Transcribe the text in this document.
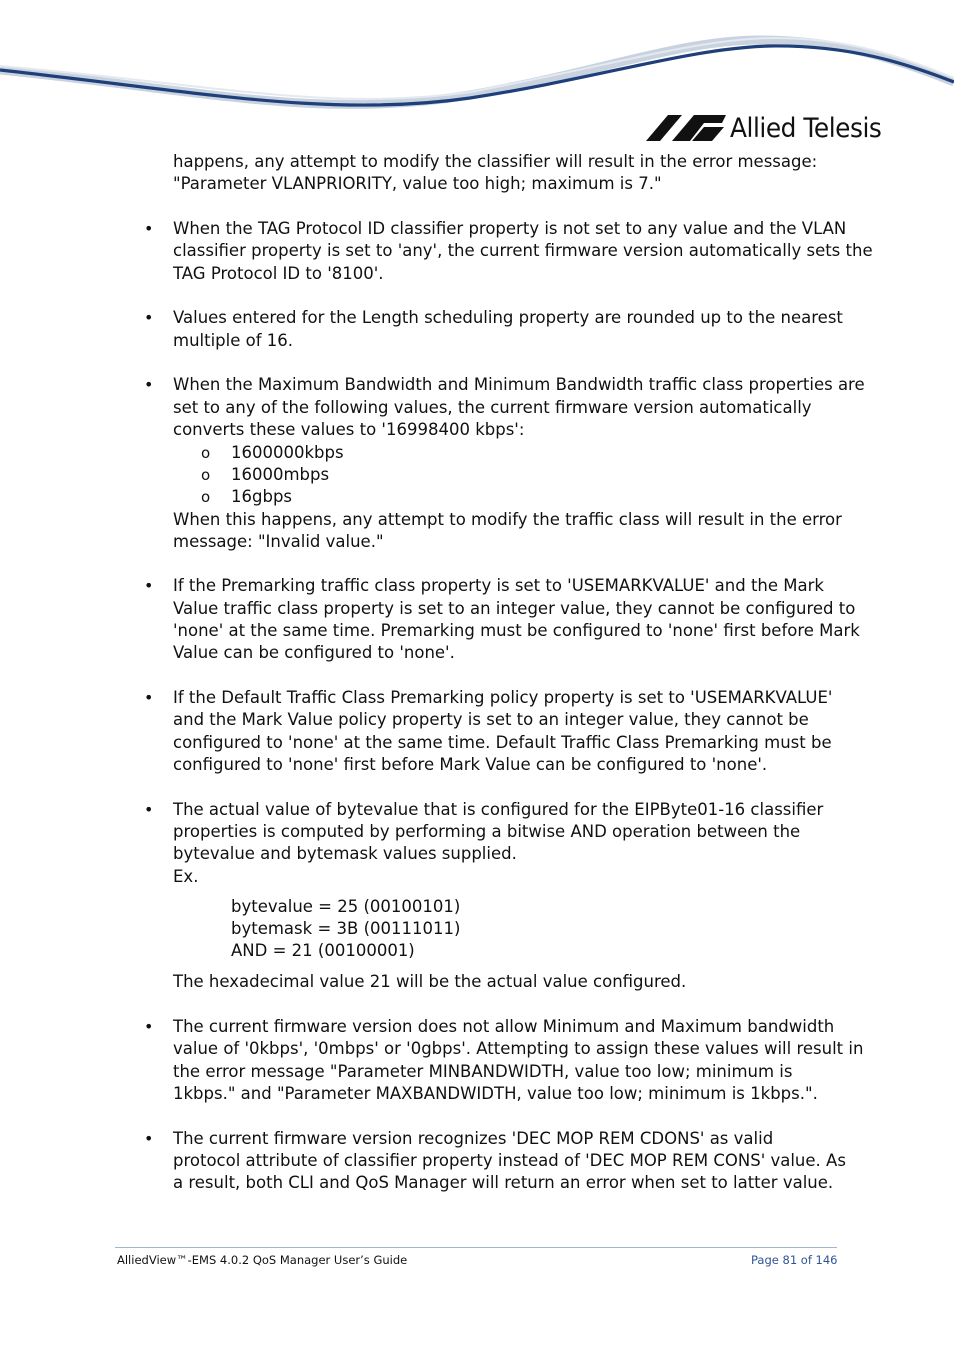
Allied Telesis
happens, any attempt to modify the classifier will result in the error message:
"Parameter VLANPRIORITY, value too high; maximum is 7."
• When the TAG Protocol ID classifier property is not set to any value and the VLAN
classifier property is set to 'any', the current firmware version automatically sets the
TAG Protocol ID to '8100'.
• Values entered for the Length scheduling property are rounded up to the nearest
multiple of 16.
• When the Maximum Bandwidth and Minimum Bandwidth traffic class properties are
set to any of the following values, the current firmware version automatically
converts these values to '16998400 kbps':
o 1600000kbps
o 16000mbps
o 16gbps
When this happens, any attempt to modify the traffic class will result in the error
message: "Invalid value."
• If the Premarking traffic class property is set to 'USEMARKVALUE' and the Mark
Value traffic class property is set to an integer value, they cannot be configured to
'none' at the same time. Premarking must be configured to 'none' first before Mark
Value can be configured to 'none'.
• If the Default Traffic Class Premarking policy property is set to 'USEMARKVALUE'
and the Mark Value policy property is set to an integer value, they cannot be
configured to 'none' at the same time. Default Traffic Class Premarking must be
configured to 'none' first before Mark Value can be configured to 'none'.
• The actual value of bytevalue that is configured for the EIPByte01-16 classifier
properties is computed by performing a bitwise AND operation between the
bytevalue and bytemask values supplied.
Ex.
bytevalue = 25 (00100101)
bytemask = 3B (00111011)
AND = 21 (00100001)
The hexadecimal value 21 will be the actual value configured.
• The current firmware version does not allow Minimum and Maximum bandwidth
value of '0kbps', '0mbps' or '0gbps'. Attempting to assign these values will result in
the error message "Parameter MINBANDWIDTH, value too low; minimum is
1kbps." and "Parameter MAXBANDWIDTH, value too low; minimum is 1kbps.".
• The current firmware version recognizes 'DEC MOP REM CDONS' as valid
protocol attribute of classifier property instead of 'DEC MOP REM CONS' value. As
a result, both CLI and QoS Manager will return an error when set to latter value.
AlliedView™-EMS 4.0.2 QoS Manager User’s Guide	Page 81 of 146
